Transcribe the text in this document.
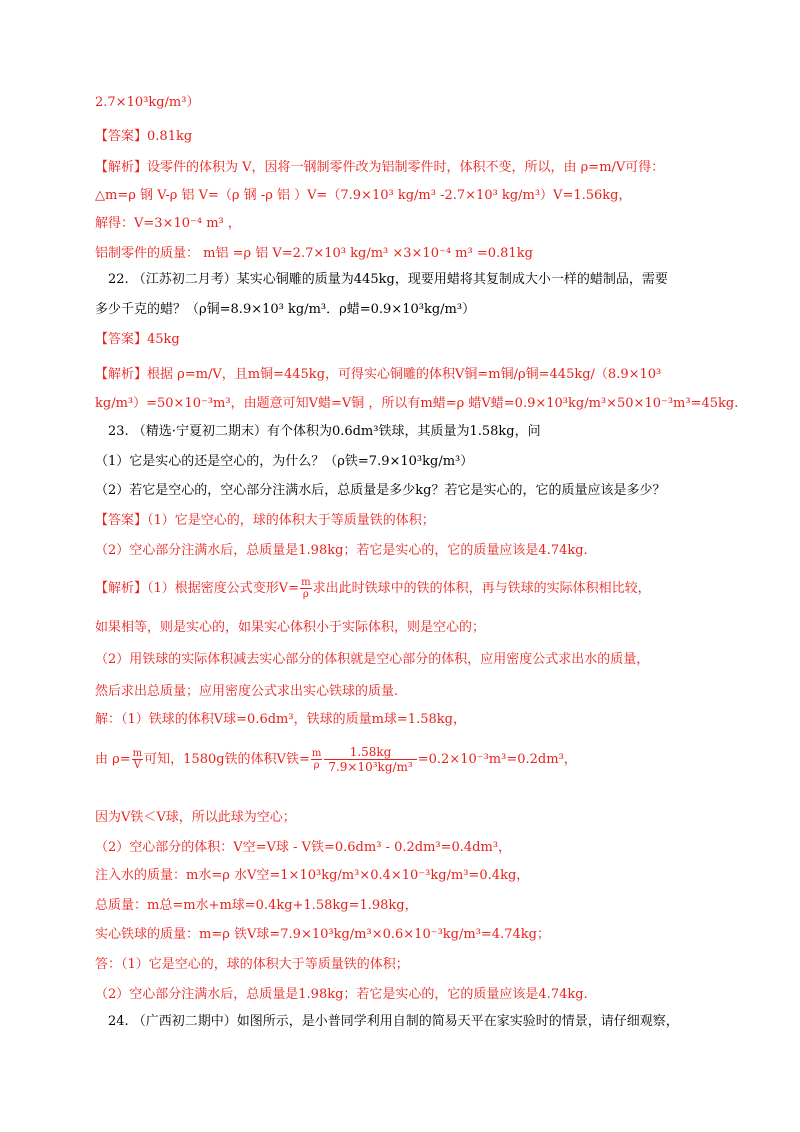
2.7×10³kg/m³）
【答案】0.81kg
【解析】设零件的体积为 V，因将一钢制零件改为铝制零件时，体积不变，所以，由 ρ=m/V可得：
△m=ρ 钢 V-ρ 铝 V=（ρ 钢 -ρ 铝 ）V=（7.9×10³ kg/m³ -2.7×10³ kg/m³）V=1.56kg，
解得：V=3×10⁻⁴ m³ ，
铝制零件的质量： m铝 =ρ 铝 V=2.7×10³ kg/m³ ×3×10⁻⁴ m³ =0.81kg
22. （江苏初二月考）某实心铜雕的质量为445kg，现要用蜡将其复制成大小一样的蜡制品，需要
多少千克的蜡？（ρ铜=8.9×10³ kg/m³．ρ蜡=0.9×10³kg/m³）
【答案】45kg
【解析】根据 ρ=m/V，且m铜=445kg，可得实心铜雕的体积V铜=m铜/ρ铜=445kg/（8.9×10³
kg/m³）=50×10⁻³m³，由题意可知V蜡=V铜 ，所以有m蜡=ρ 蜡V蜡=0.9×10³kg/m³×50×10⁻³m³=45kg.
23. （精选·宁夏初二期末）有个体积为0.6dm³铁球，其质量为1.58kg，问
（1）它是实心的还是空心的，为什么？（ρ铁=7.9×10³kg/m³）
（2）若它是空心的，空心部分注满水后，总质量是多少kg？若它是实心的，它的质量应该是多少？
【答案】（1）它是空心的，球的体积大于等质量铁的体积；
（2）空心部分注满水后，总质量是1.98kg；若它是实心的，它的质量应该是4.74kg.
【解析】（1）根据密度公式变形$V= \frac{m}{\rho}$ 求出此时铁球中的铁的体积，再与铁球的实际体积相比较，
如果相等，则是实心的，如果实心体积小于实际体积，则是空心的；
（2）用铁球的实际体积减去实心部分的体积就是空心部分的体积，应用密度公式求出水的质量，
然后求出总质量；应用密度公式求出实心铁球的质量.
解：（1）铁球的体积V球=0.6dm³，铁球的质量m球=1.58kg，
由 $\rho= \frac{m}{V}$ 可知，1580g铁的体积V铁= $\frac{m}{\rho} \frac{1.58kg}{\text{7.9×10³kg/m³}} =0.2\times 10^{-3}m^3=0.2dm^3$，
因为V铁＜V球，所以此球为空心；
（2）空心部分的体积：V空=V球 - V铁=0.6dm³ - 0.2dm³=0.4dm³，
注入水的质量：m水=ρ 水V空=1×10³kg/m³×0.4×10⁻³kg/m³=0.4kg，
总质量：m总=m水+m球=0.4kg+1.58kg=1.98kg，
实心铁球的质量：m=ρ 铁V球=7.9×10³kg/m³×0.6×10⁻³kg/m³=4.74kg；
答：（1）它是空心的，球的体积大于等质量铁的体积；
（2）空心部分注满水后，总质量是1.98kg；若它是实心的，它的质量应该是4.74kg.
24. （广西初二期中）如图所示，是小普同学利用自制的简易天平在家实验时的情景，请仔细观察，
